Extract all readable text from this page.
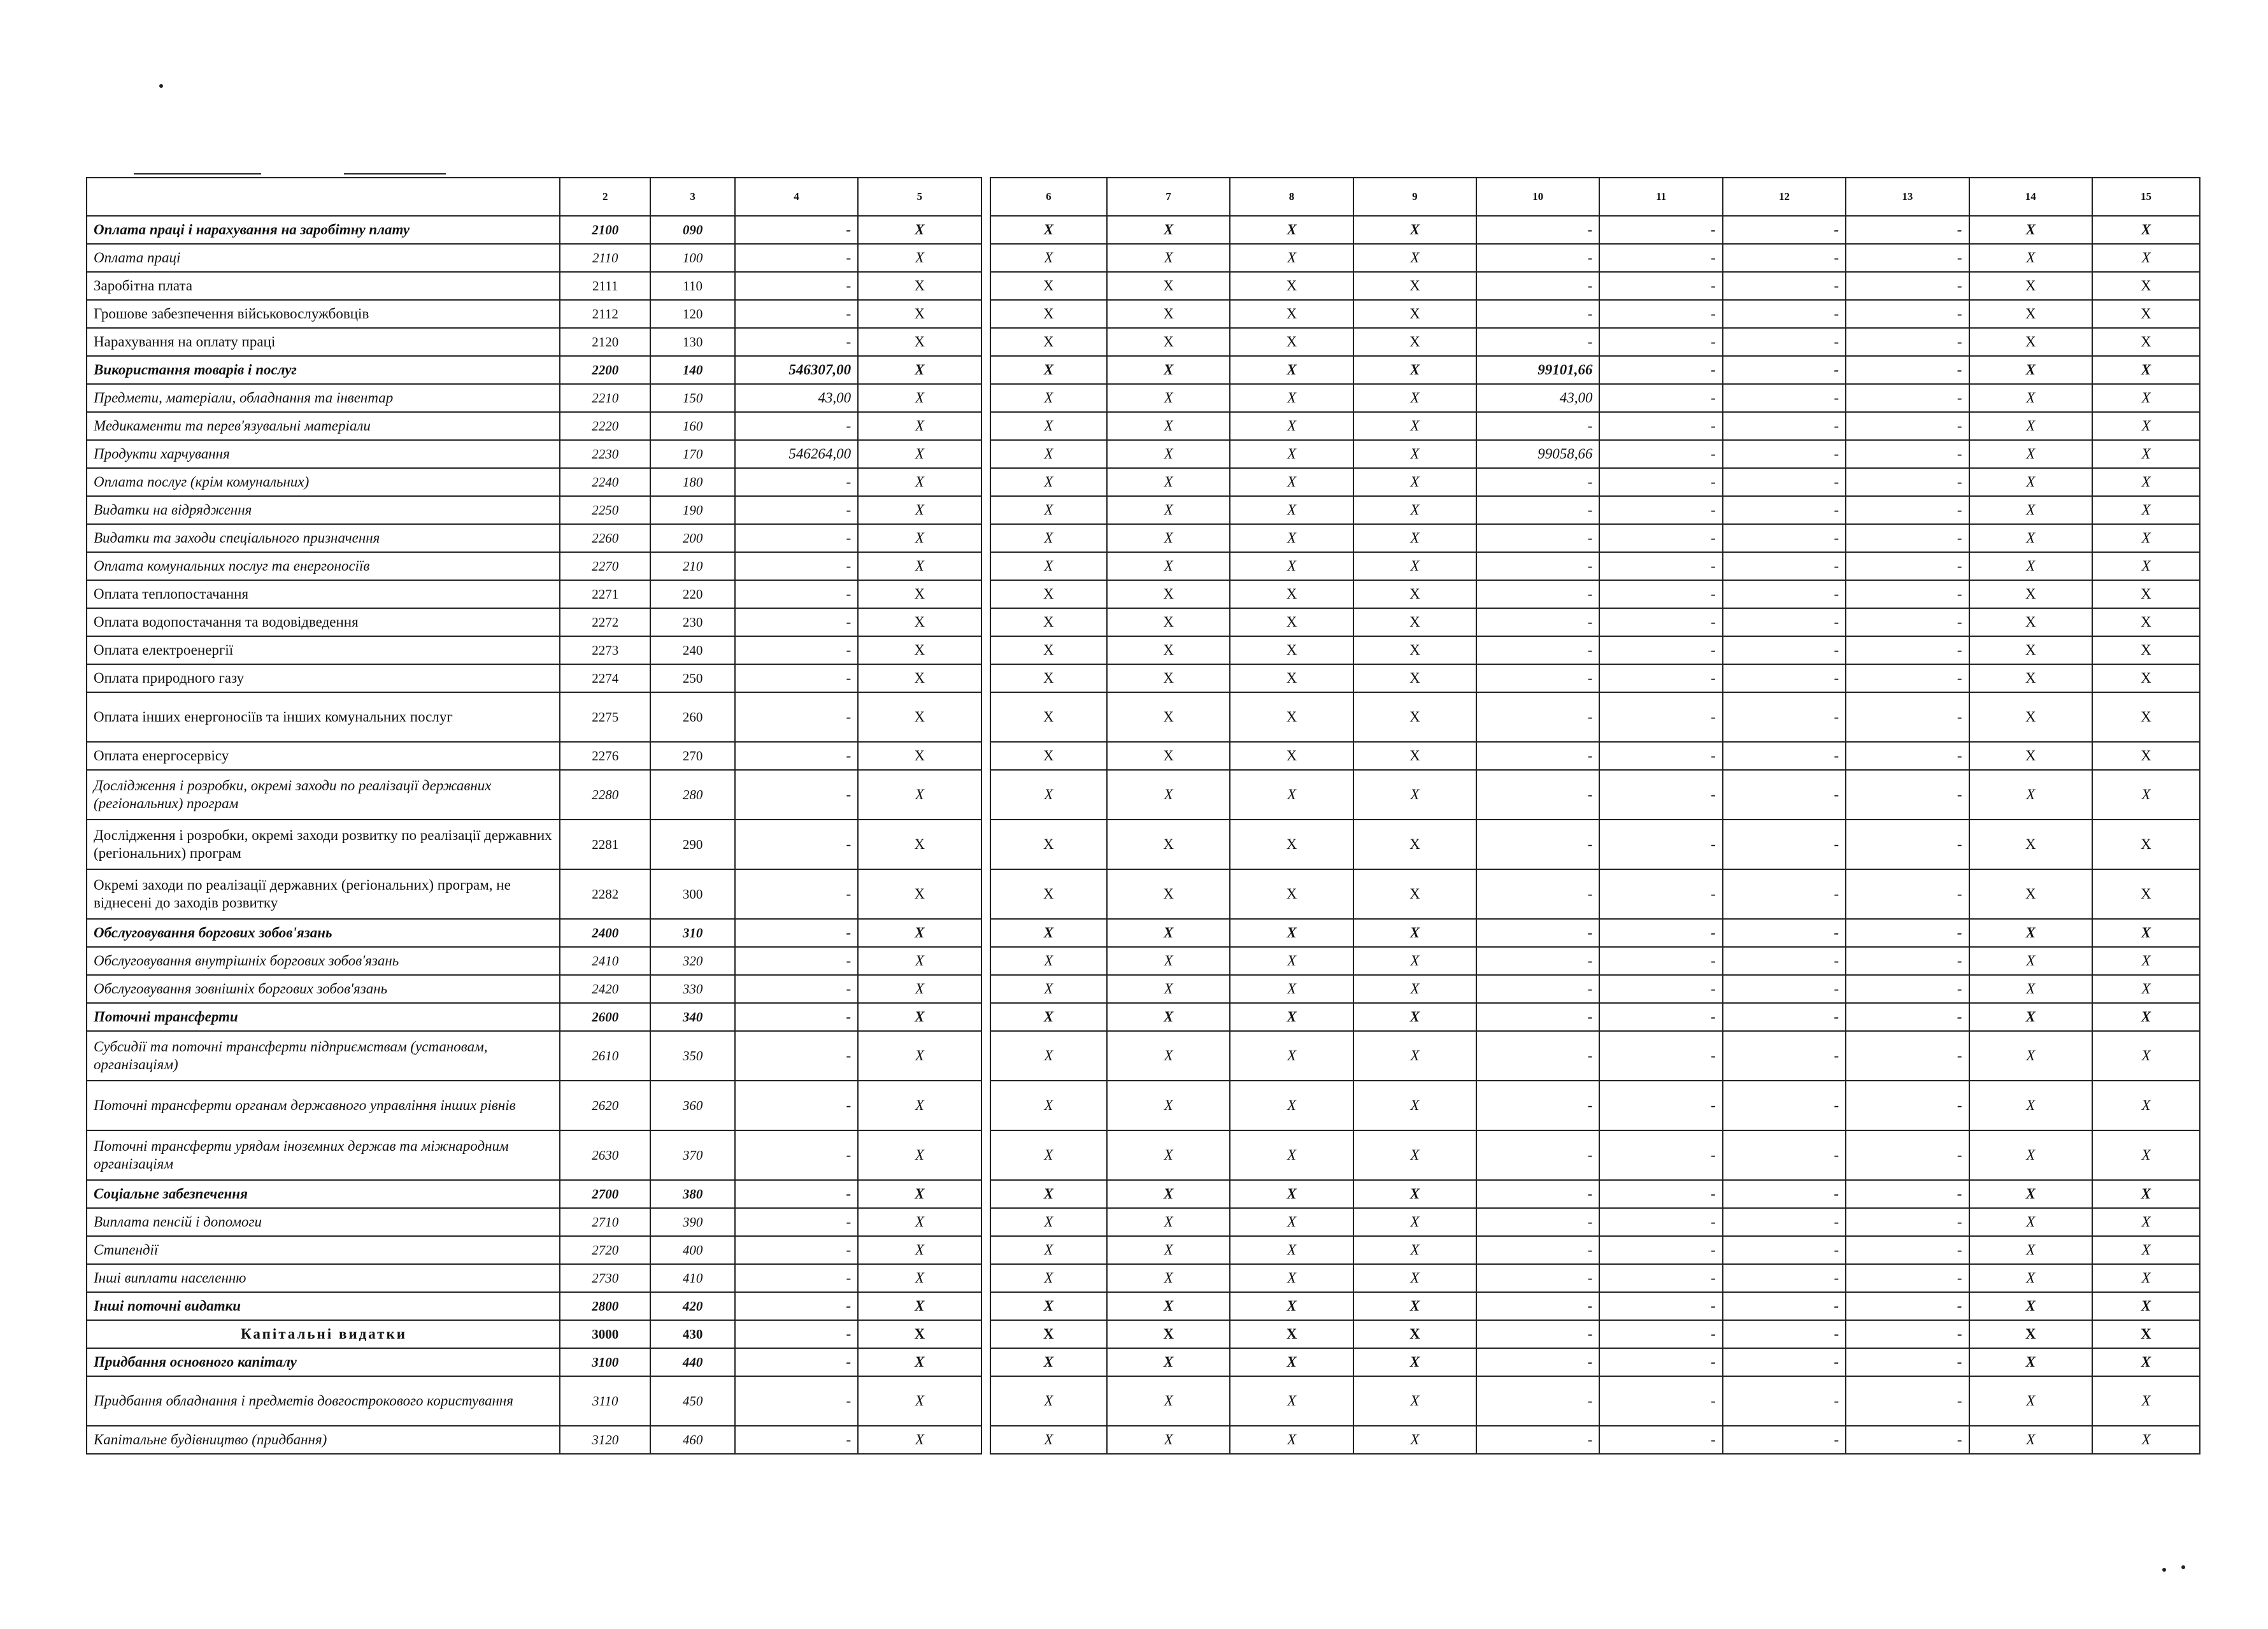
	2	3	4	5		6	7	8	9	10	11	12	13	14	15
Оплата праці і нарахування на заробітну плату	2100	090	-	X		X	X	X	X	-	-	-	-	X	X
Оплата праці	2110	100	-	X		X	X	X	X	-	-	-	-	X	X
Заробітна плата	2111	110	-	X		X	X	X	X	-	-	-	-	X	X
Грошове забезпечення військовослужбовців	2112	120	-	X		X	X	X	X	-	-	-	-	X	X
Нарахування на оплату праці	2120	130	-	X		X	X	X	X	-	-	-	-	X	X
Використання товарів і послуг	2200	140	546307,00	X		X	X	X	X	99101,66	-	-	-	X	X
Предмети, матеріали, обладнання та інвентар	2210	150	43,00	X		X	X	X	X	43,00	-	-	-	X	X
Медикаменти та перев'язувальні матеріали	2220	160	-	X		X	X	X	X	-	-	-	-	X	X
Продукти харчування	2230	170	546264,00	X		X	X	X	X	99058,66	-	-	-	X	X
Оплата послуг (крім комунальних)	2240	180	-	X		X	X	X	X	-	-	-	-	X	X
Видатки на відрядження	2250	190	-	X		X	X	X	X	-	-	-	-	X	X
Видатки та заходи спеціального призначення	2260	200	-	X		X	X	X	X	-	-	-	-	X	X
Оплата комунальних послуг та енергоносіїв	2270	210	-	X		X	X	X	X	-	-	-	-	X	X
Оплата теплопостачання	2271	220	-	X		X	X	X	X	-	-	-	-	X	X
Оплата водопостачання та водовідведення	2272	230	-	X		X	X	X	X	-	-	-	-	X	X
Оплата електроенергії	2273	240	-	X		X	X	X	X	-	-	-	-	X	X
Оплата природного газу	2274	250	-	X		X	X	X	X	-	-	-	-	X	X
Оплата інших енергоносіїв та інших комунальних послуг	2275	260	-	X		X	X	X	X	-	-	-	-	X	X
Оплата енергосервісу	2276	270	-	X		X	X	X	X	-	-	-	-	X	X
Дослідження і розробки, окремі заходи по реалізації державних (регіональних) програм	2280	280	-	X		X	X	X	X	-	-	-	-	X	X
Дослідження і розробки, окремі заходи розвитку по реалізації державних (регіональних) програм	2281	290	-	X		X	X	X	X	-	-	-	-	X	X
Окремі заходи по реалізації державних (регіональних) програм, не віднесені до заходів розвитку	2282	300	-	X		X	X	X	X	-	-	-	-	X	X
Обслуговування боргових зобов'язань	2400	310	-	X		X	X	X	X	-	-	-	-	X	X
Обслуговування внутрішніх боргових зобов'язань	2410	320	-	X		X	X	X	X	-	-	-	-	X	X
Обслуговування зовнішніх боргових зобов'язань	2420	330	-	X		X	X	X	X	-	-	-	-	X	X
Поточні трансферти	2600	340	-	X		X	X	X	X	-	-	-	-	X	X
Субсидії та поточні трансферти підприємствам (установам, організаціям)	2610	350	-	X		X	X	X	X	-	-	-	-	X	X
Поточні трансферти органам державного управління інших рівнів	2620	360	-	X		X	X	X	X	-	-	-	-	X	X
Поточні трансферти урядам іноземних держав та міжнародним організаціям	2630	370	-	X		X	X	X	X	-	-	-	-	X	X
Соціальне забезпечення	2700	380	-	X		X	X	X	X	-	-	-	-	X	X
Виплата пенсій і допомоги	2710	390	-	X		X	X	X	X	-	-	-	-	X	X
Стипендії	2720	400	-	X		X	X	X	X	-	-	-	-	X	X
Інші виплати населенню	2730	410	-	X		X	X	X	X	-	-	-	-	X	X
Інші поточні видатки	2800	420	-	X		X	X	X	X	-	-	-	-	X	X
Капітальні видатки	3000	430	-	X		X	X	X	X	-	-	-	-	X	X
Придбання основного капіталу	3100	440	-	X		X	X	X	X	-	-	-	-	X	X
Придбання обладнання і предметів довгострокового користування	3110	450	-	X		X	X	X	X	-	-	-	-	X	X
Капітальне будівництво (придбання)	3120	460	-	X		X	X	X	X	-	-	-	-	X	X
